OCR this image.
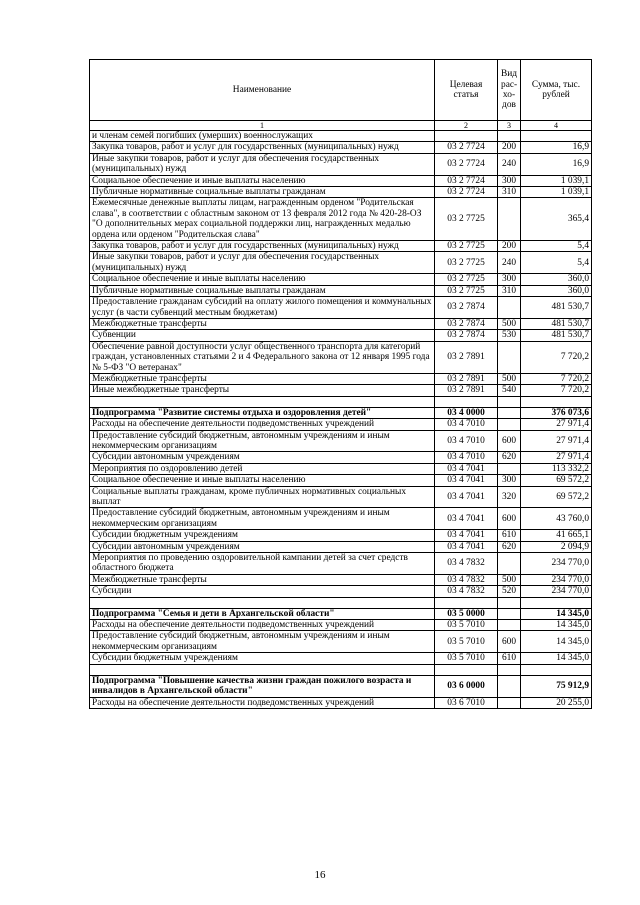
Наименование	Целевая статья	Вид рас-хо-дов	Сумма, тыс. рублей
1	2	3	4
и членам семей погибших (умерших) военнослужащих			
Закупка товаров, работ и услуг для государственных (муниципальных) нужд	03 2 7724	200	16,9
Иные закупки товаров, работ и услуг для обеспечения государственных (муниципальных) нужд	03 2 7724	240	16,9
Социальное обеспечение и иные выплаты населению	03 2 7724	300	1 039,1
Публичные нормативные социальные выплаты гражданам	03 2 7724	310	1 039,1
Ежемесячные денежные выплаты лицам, награжденным орденом "Родительская слава", в соответствии с областным законом от 13 февраля 2012 года № 420-28-ОЗ "О дополнительных мерах социальной поддержки лиц, награжденных медалью ордена или орденом "Родительская слава"	03 2 7725		365,4
Закупка товаров, работ и услуг для государственных (муниципальных) нужд	03 2 7725	200	5,4
Иные закупки товаров, работ и услуг для обеспечения государственных (муниципальных) нужд	03 2 7725	240	5,4
Социальное обеспечение и иные выплаты населению	03 2 7725	300	360,0
Публичные нормативные социальные выплаты гражданам	03 2 7725	310	360,0
Предоставление гражданам субсидий на оплату жилого помещения и коммунальных услуг (в части субвенций местным бюджетам)	03 2 7874		481 530,7
Межбюджетные трансферты	03 2 7874	500	481 530,7
Субвенции	03 2 7874	530	481 530,7
Обеспечение равной доступности услуг общественного транспорта для категорий граждан, установленных статьями 2 и 4 Федерального закона от 12 января 1995 года № 5-ФЗ "О ветеранах"	03 2 7891		7 720,2
Межбюджетные трансферты	03 2 7891	500	7 720,2
Иные межбюджетные трансферты	03 2 7891	540	7 720,2

Подпрограмма "Развитие системы отдыха и оздоровления детей"	03 4 0000		376 073,6
Расходы на обеспечение деятельности подведомственных учреждений	03 4 7010		27 971,4
Предоставление субсидий бюджетным, автономным учреждениям и иным некоммерческим организациям	03 4 7010	600	27 971,4
Субсидии автономным учреждениям	03 4 7010	620	27 971,4
Мероприятия по оздоровлению детей	03 4 7041		113 332,2
Социальное обеспечение и иные выплаты населению	03 4 7041	300	69 572,2
Социальные выплаты гражданам, кроме публичных нормативных социальных выплат	03 4 7041	320	69 572,2
Предоставление субсидий бюджетным, автономным учреждениям и иным некоммерческим организациям	03 4 7041	600	43 760,0
Субсидии бюджетным учреждениям	03 4 7041	610	41 665,1
Субсидии автономным учреждениям	03 4 7041	620	2 094,9
Мероприятия по проведению оздоровительной кампании детей за счет средств областного бюджета	03 4 7832		234 770,0
Межбюджетные трансферты	03 4 7832	500	234 770,0
Субсидии	03 4 7832	520	234 770,0

Подпрограмма "Семья и дети в Архангельской области"	03 5 0000		14 345,0
Расходы на обеспечение деятельности подведомственных учреждений	03 5 7010		14 345,0
Предоставление субсидий бюджетным, автономным учреждениям и иным некоммерческим организациям	03 5 7010	600	14 345,0
Субсидии бюджетным учреждениям	03 5 7010	610	14 345,0

Подпрограмма "Повышение качества жизни граждан пожилого возраста и инвалидов в Архангельской области"	03 6 0000		75 912,9
Расходы на обеспечение деятельности подведомственных учреждений	03 6 7010		20 255,0
16
